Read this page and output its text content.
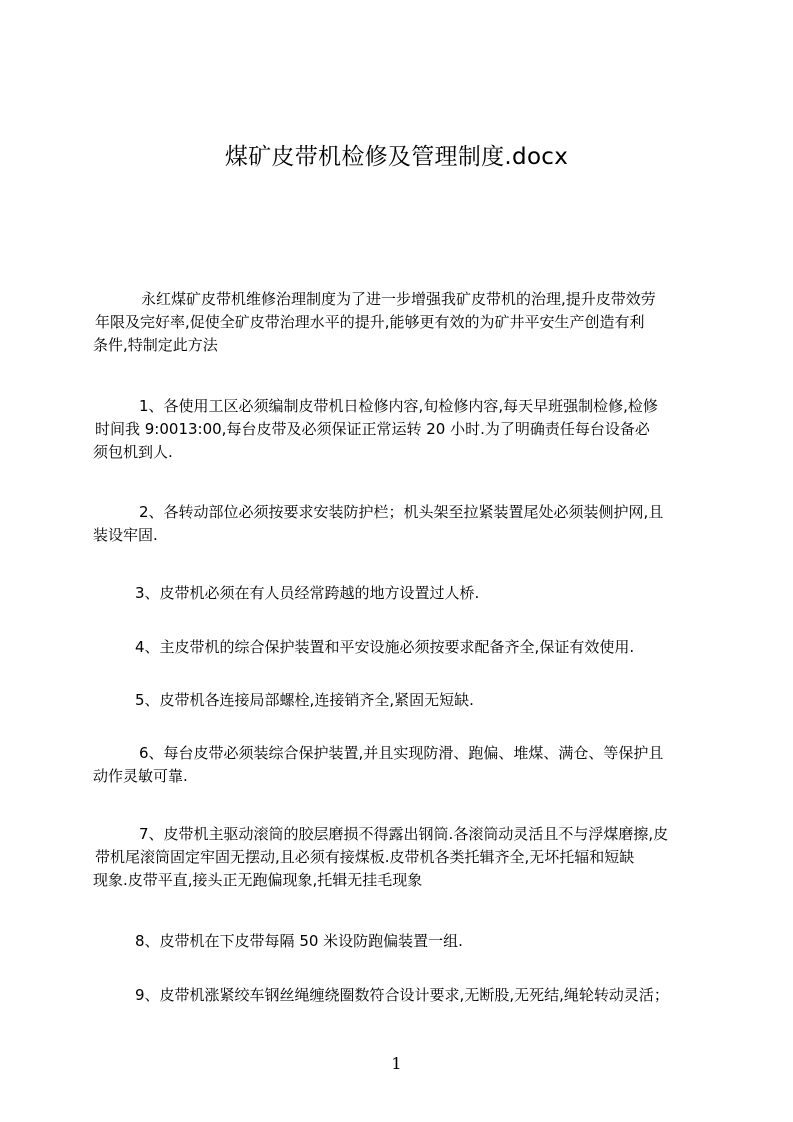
煤矿皮带机检修及管理制度.docx
永红煤矿皮带机维修治理制度为了进一步增强我矿皮带机的治理,提升皮带效劳
年限及完好率,促使全矿皮带治理水平的提升,能够更有效的为矿井平安生产创造有利
条件,特制定此方法
1、各使用工区必须编制皮带机日检修内容,旬检修内容,每天早班强制检修,检修
时间我 9:0013:00,每台皮带及必须保证正常运转 20 小时.为了明确责任每台设备必
须包机到人.
2、各转动部位必须按要求安装防护栏；机头架至拉紧装置尾处必须装侧护网,且
装设牢固.
3、皮带机必须在有人员经常跨越的地方设置过人桥.
4、主皮带机的综合保护装置和平安设施必须按要求配备齐全,保证有效使用.
5、皮带机各连接局部螺栓,连接销齐全,紧固无短缺.
6、每台皮带必须装综合保护装置,并且实现防滑、跑偏、堆煤、满仓、等保护且
动作灵敏可靠.
7、皮带机主驱动滚筒的胶层磨损不得露出钢筒.各滚筒动灵活且不与浮煤磨擦,皮
带机尾滚筒固定牢固无摆动,且必须有接煤板.皮带机各类托辑齐全,无坏托辐和短缺
现象.皮带平直,接头正无跑偏现象,托辑无挂毛现象
8、皮带机在下皮带每隔 50 米设防跑偏装置一组.
9、皮带机涨紧绞车钢丝绳缠绕圈数符合设计要求,无断股,无死结,绳轮转动灵活；
1
